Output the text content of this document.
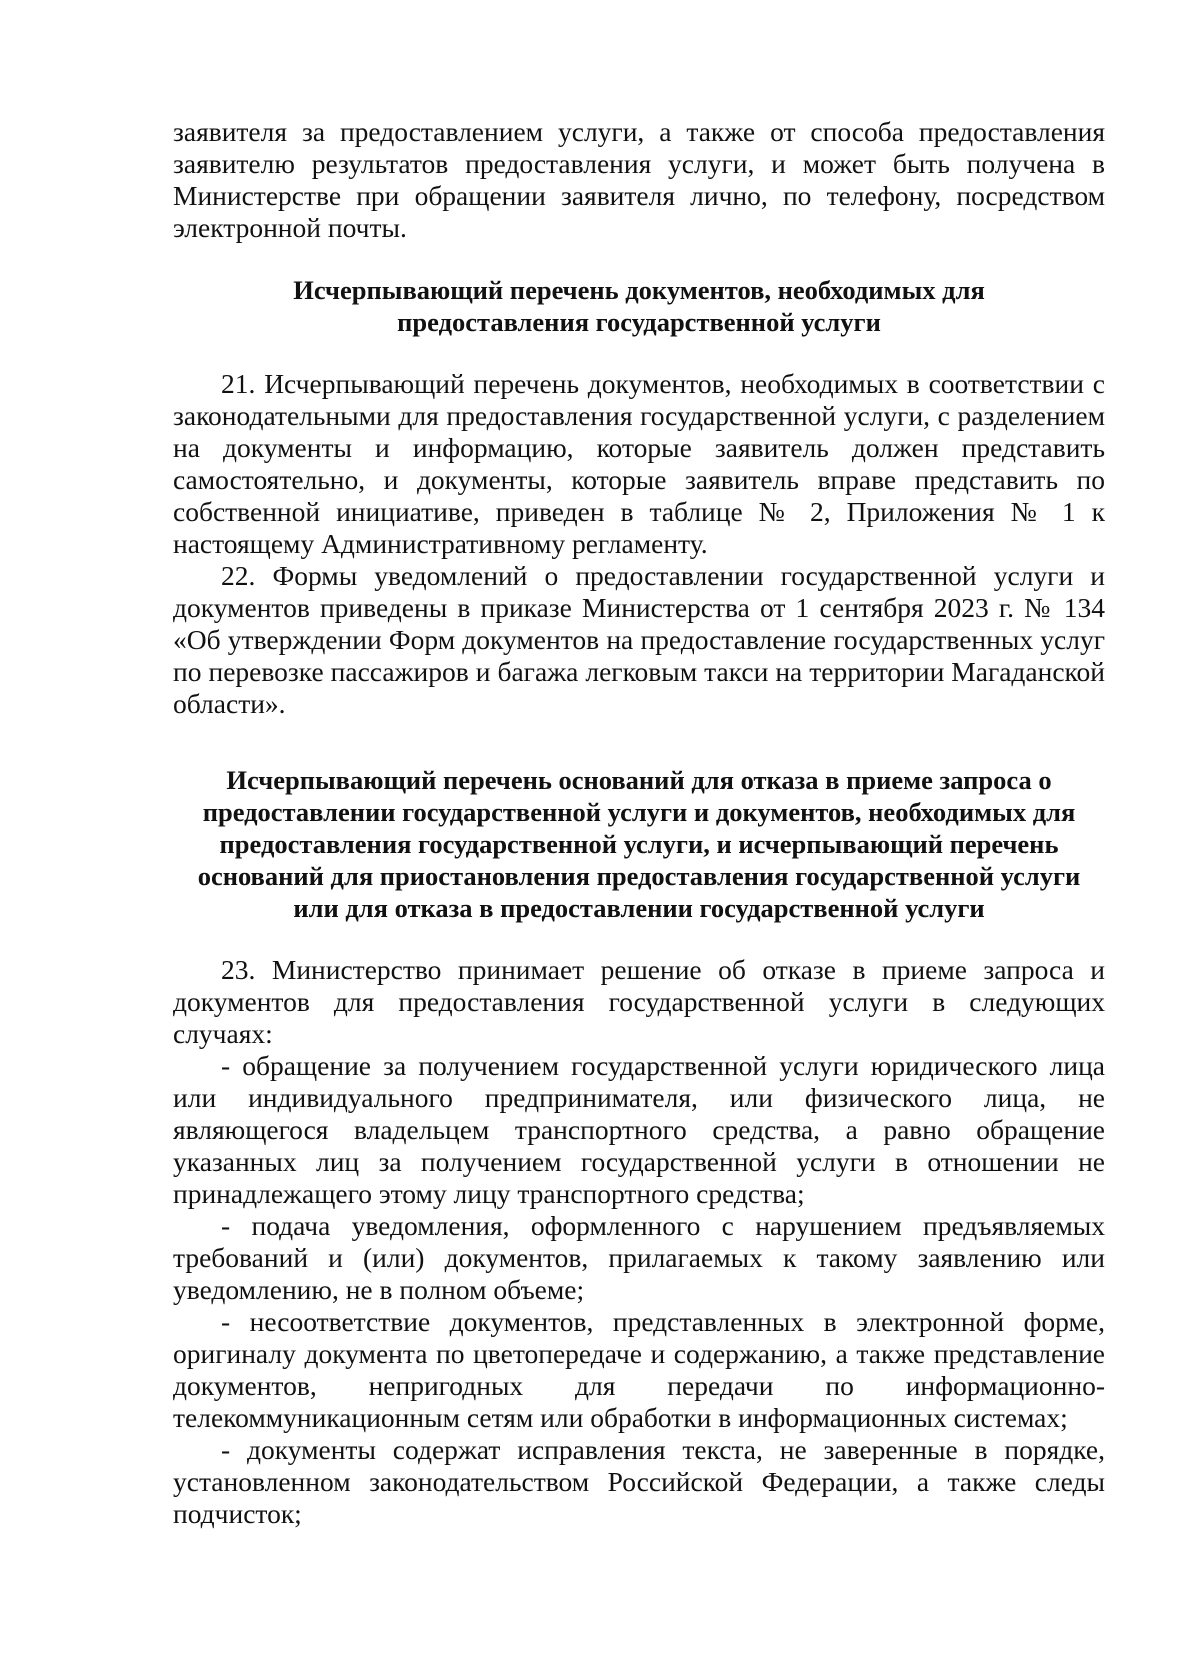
заявителя за предоставлением услуги, а также от способа предоставления заявителю результатов предоставления услуги, и может быть получена в Министерстве при обращении заявителя лично, по телефону, посредством электронной почты.

Исчерпывающий перечень документов, необходимых для предоставления государственной услуги

21. Исчерпывающий перечень документов, необходимых в соответствии с законодательными для предоставления государственной услуги, с разделением на документы и информацию, которые заявитель должен представить самостоятельно, и документы, которые заявитель вправе представить по собственной инициативе, приведен в таблице № 2, Приложения № 1 к настоящему Административному регламенту.

22. Формы уведомлений о предоставлении государственной услуги и документов приведены в приказе Министерства от 1 сентября 2023 г. № 134 «Об утверждении Форм документов на предоставление государственных услуг по перевозке пассажиров и багажа легковым такси на территории Магаданской области».

Исчерпывающий перечень оснований для отказа в приеме запроса о предоставлении государственной услуги и документов, необходимых для предоставления государственной услуги, и исчерпывающий перечень оснований для приостановления предоставления государственной услуги или для отказа в предоставлении государственной услуги

23. Министерство принимает решение об отказе в приеме запроса и документов для предоставления государственной услуги в следующих случаях:

- обращение за получением государственной услуги юридического лица или индивидуального предпринимателя, или физического лица, не являющегося владельцем транспортного средства, а равно обращение указанных лиц за получением государственной услуги в отношении не принадлежащего этому лицу транспортного средства;

- подача уведомления, оформленного с нарушением предъявляемых требований и (или) документов, прилагаемых к такому заявлению или уведомлению, не в полном объеме;

- несоответствие документов, представленных в электронной форме, оригиналу документа по цветопередаче и содержанию, а также представление документов, непригодных для передачи по информационно-телекоммуникационным сетям или обработки в информационных системах;

- документы содержат исправления текста, не заверенные в порядке, установленном законодательством Российской Федерации, а также следы подчисток;
